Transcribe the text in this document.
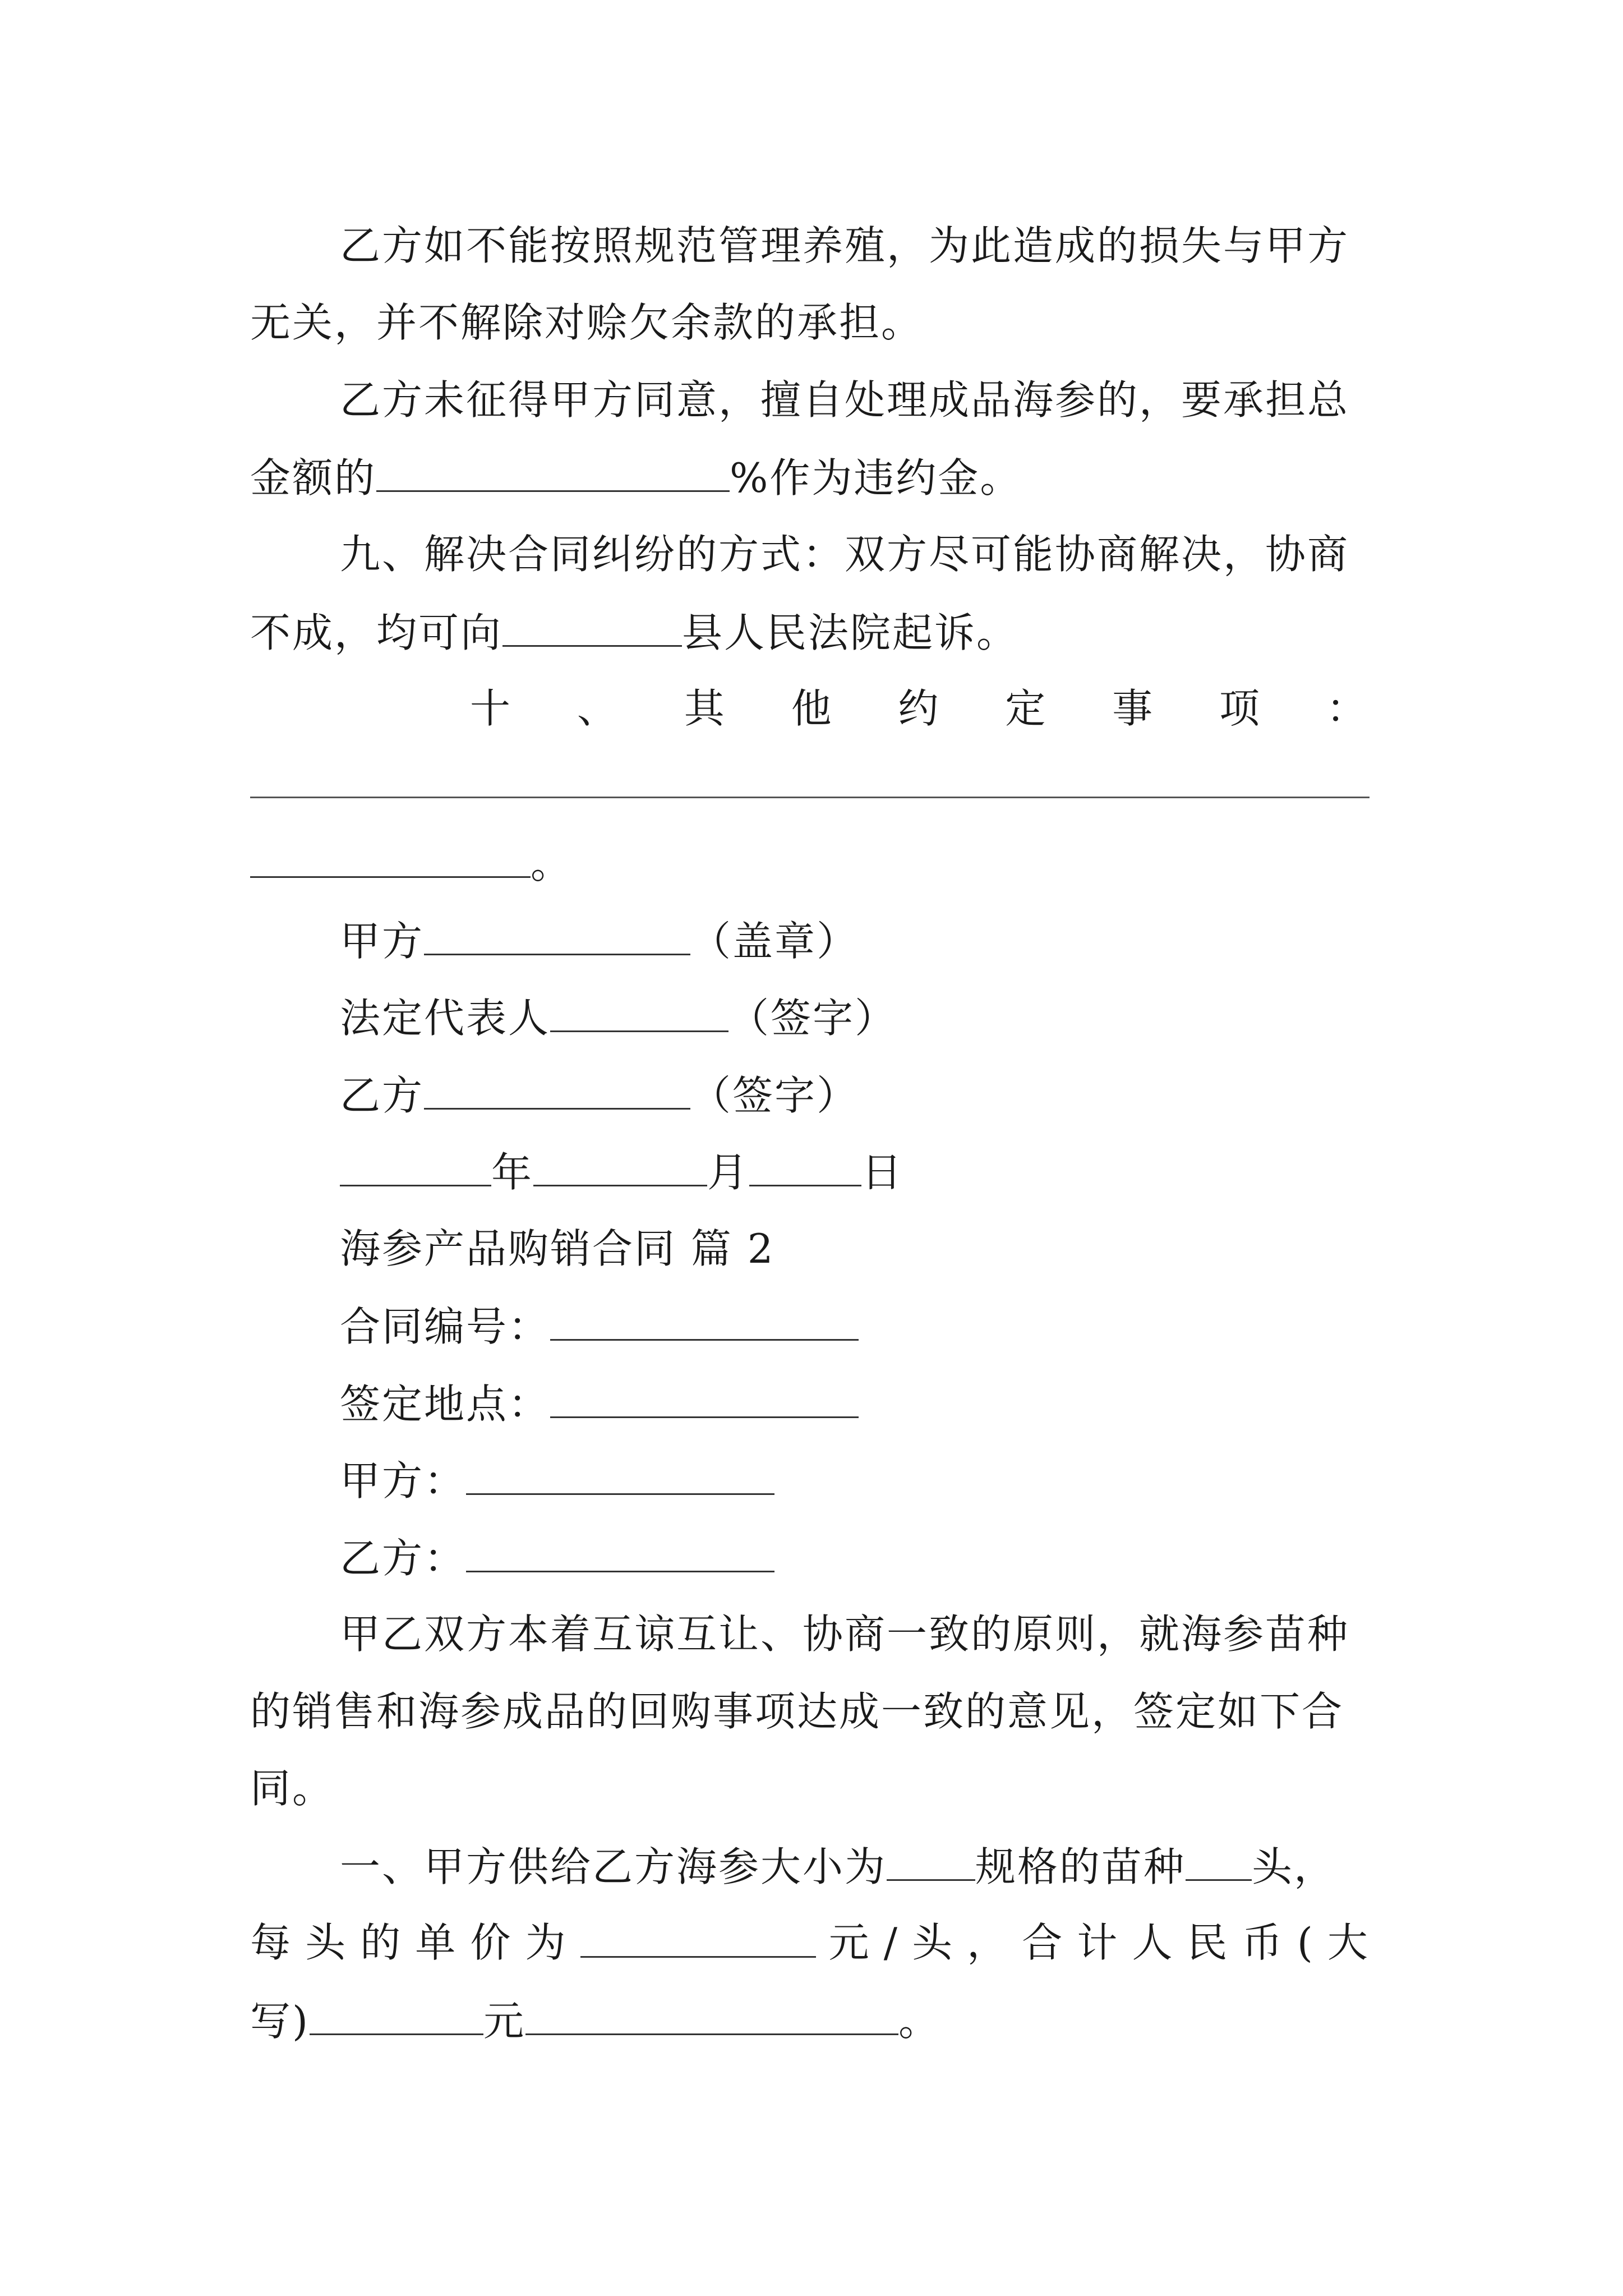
乙方如不能按照规范管理养殖，为此造成的损失与甲方
无关，并不解除对赊欠余款的承担。
乙方未征得甲方同意，擅自处理成品海参的，要承担总
金额的	%作为违约金。
九、解决合同纠纷的方式：双方尽可能协商解决，协商
不成，均可向	县人民法院起诉。
十 、 其 他 约 定 事 项 ：
。
甲方	（盖章）
法定代表人	（签字）
乙方	（签字）
年	月	日
海参产品购销合同 篇 2
合同编号：
签定地点：
甲方：
乙方：
甲乙双方本着互谅互让、协商一致的原则，就海参苗种
的销售和海参成品的回购事项达成一致的意见，签定如下合
同。
一、甲方供给乙方海参大小为 规格的苗种 头，
每 头 的 单 价 为	元 / 头 ， 合 计 人 民 币 ( 大
写)	元	。
